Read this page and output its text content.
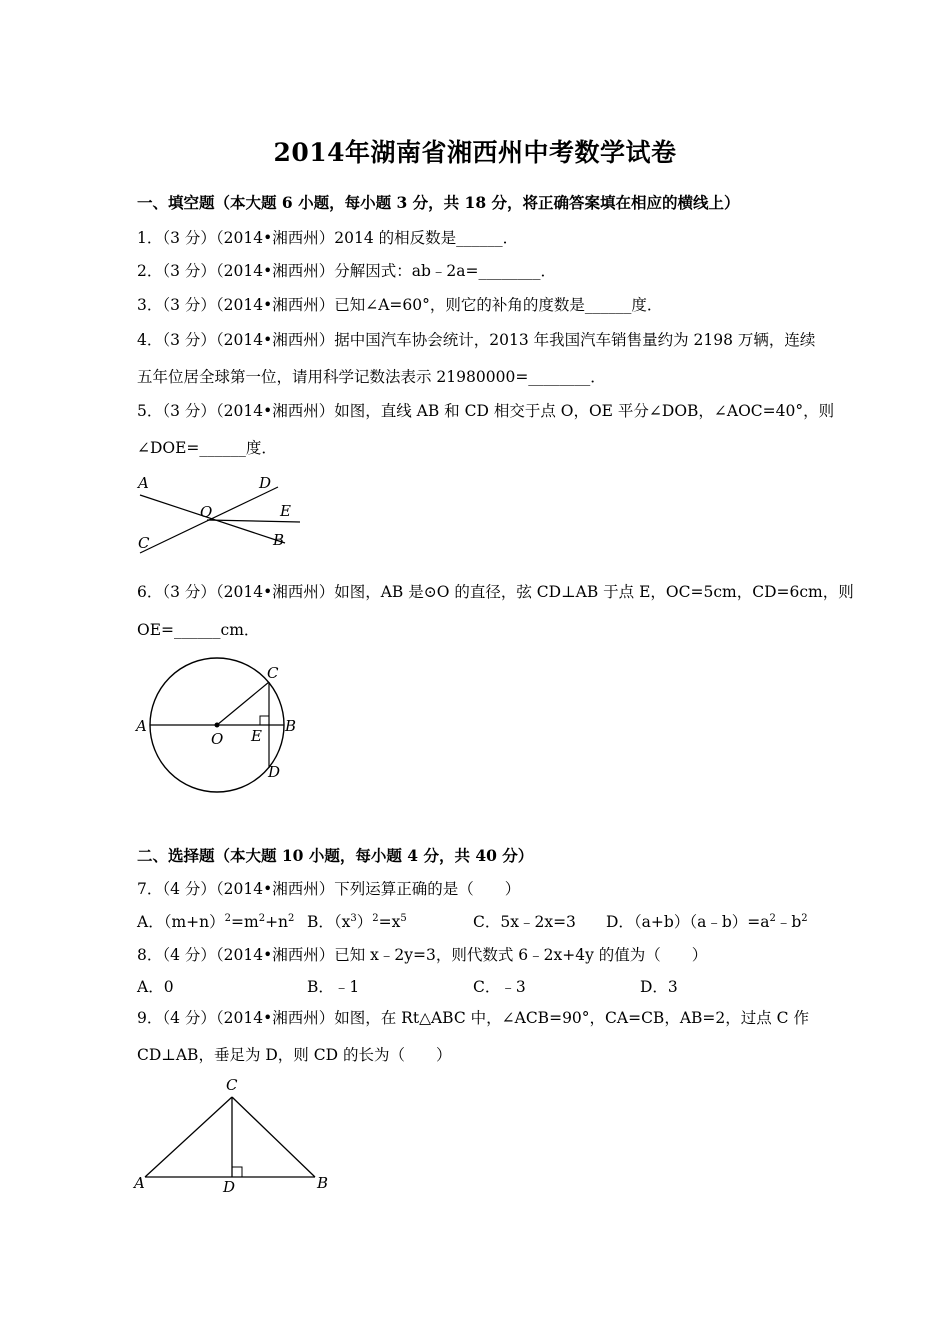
2014年湖南省湘西州中考数学试卷
一、填空题（本大题 6 小题，每小题 3 分，共 18 分，将正确答案填在相应的横线上）
1．（3 分）（2014•湘西州）2014 的相反数是______．
2．（3 分）（2014•湘西州）分解因式：ab﹣2a=________．
3．（3 分）（2014•湘西州）已知∠A=60°，则它的补角的度数是______度．
4．（3 分）（2014•湘西州）据中国汽车协会统计，2013 年我国汽车销售量约为 2198 万辆，连续
五年位居全球第一位，请用科学记数法表示 21980000=________．
5．（3 分）（2014•湘西州）如图，直线 AB 和 CD 相交于点 O，OE 平分∠DOB，∠AOC=40°，则
∠DOE=______度．
A	D
O	E
C	B
6．（3 分）（2014•湘西州）如图，AB 是⊙O 的直径，弦 CD⊥AB 于点 E，OC=5cm，CD=6cm，则
OE=______cm．
A
C
O E
B
D
二、选择题（本大题 10 小题，每小题 4 分，共 40 分）
7．（4 分）（2014•湘西州）下列运算正确的是（　　）
A．$(m+n)^2=m^2+n^2$ B．$(x^3)^2=x^5$	C．5x﹣2x=3 D．$(a+b)(a﹣b)=a^2﹣b^2$
8．（4 分）（2014•湘西州）已知 x﹣2y=3，则代数式 6﹣2x+4y 的值为（　　）
A．0	B．﹣1	C．﹣3	D．3
9．（4 分）（2014•湘西州）如图，在 Rt△ABC 中，∠ACB=90°，CA=CB，AB=2，过点 C 作
CD⊥AB，垂足为 D，则 CD 的长为（　　）
C
A	D	B
